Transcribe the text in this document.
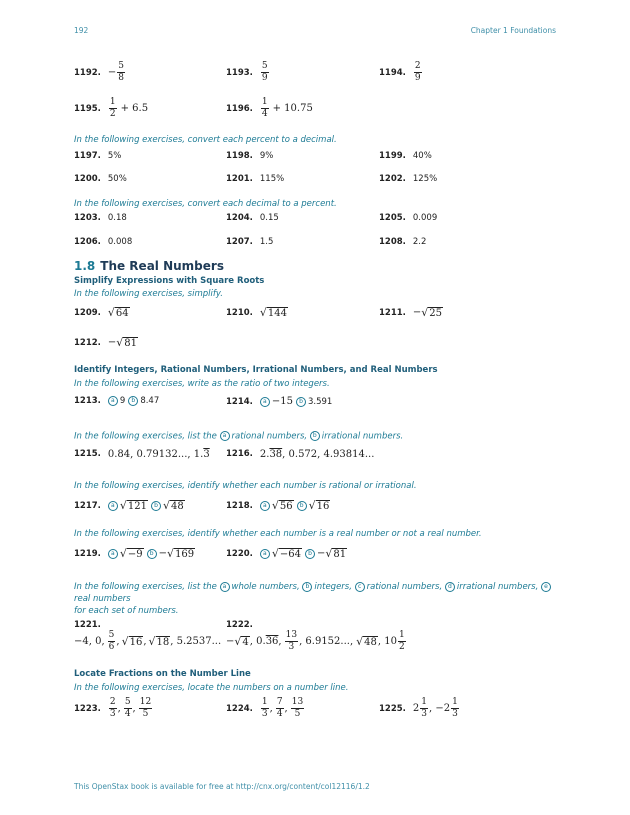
192	Chapter 1 Foundations
1192. − $\frac{5}{8}$	1193. $\frac{5}{9}$	1194. $\frac{2}{9}$
1195. $\frac{1}{2} + 6.5$	1196. $\frac{1}{4} + 10.75$
In the following exercises, convert each percent to a decimal.
1197. 5%	1198. 9%	1199. 40%
1200. 50%	1201. 115%	1202. 125%
In the following exercises, convert each decimal to a percent.
1203. 0.18	1204. 0.15	1205. 0.009
1206. 0.008	1207. 1.5	1208. 2.2
1.8 The Real Numbers
Simplify Expressions with Square Roots
In the following exercises, simplify.
1209. √ 64	1210. √ 144	1211. − √ 25
1212. − √ 81
Identify Integers, Rational Numbers, Irrational Numbers, and Real Numbers
In the following exercises, write as the ratio of two integers.
1213.	a 9	b 8.47	1214.	a −15	b 3.591
In the following exercises, list the a rational numbers, b irrational numbers.
1215. 0.84, 0.79132..., 1. 3 1216. 2. 38 , 0.572, 4.93814...
In the following exercises, identify whether each number is rational or irrational.
1217.	a √ 121	b √ 48	1218.	a √ 56	b √ 16
In the following exercises, identify whether each number is a real number or not a real number.
1219.	a √ −9	b − √ 169	1220.	a √ −64	b − √ 81
In the following exercises, list the a whole numbers, b integers, c rational numbers, d irrational numbers, ereal numbers
for each set of numbers.
1221.
−4, 0, $\frac{5}{6}$ , √ 16 , √ 18 , 5.2537...
1222.
− √ 4 , 0. 36 , $\frac{13}{3}$ , 6.9152..., √ 48 , $10 \frac{1}{2}$
Locate Fractions on the Number Line
In the following exercises, locate the numbers on a number line.
1223. $\frac{2}{3}$ , $\frac{5}{4}$ , $\frac{12}{5}$	1224. $\frac{1}{3}$ , $\frac{7}{4}$ , $\frac{13}{5}$	1225. $2 \frac{1}{3}$ , $-2 \frac{1}{3}$
This OpenStax book is available for free at http://cnx.org/content/col12116/1.2
